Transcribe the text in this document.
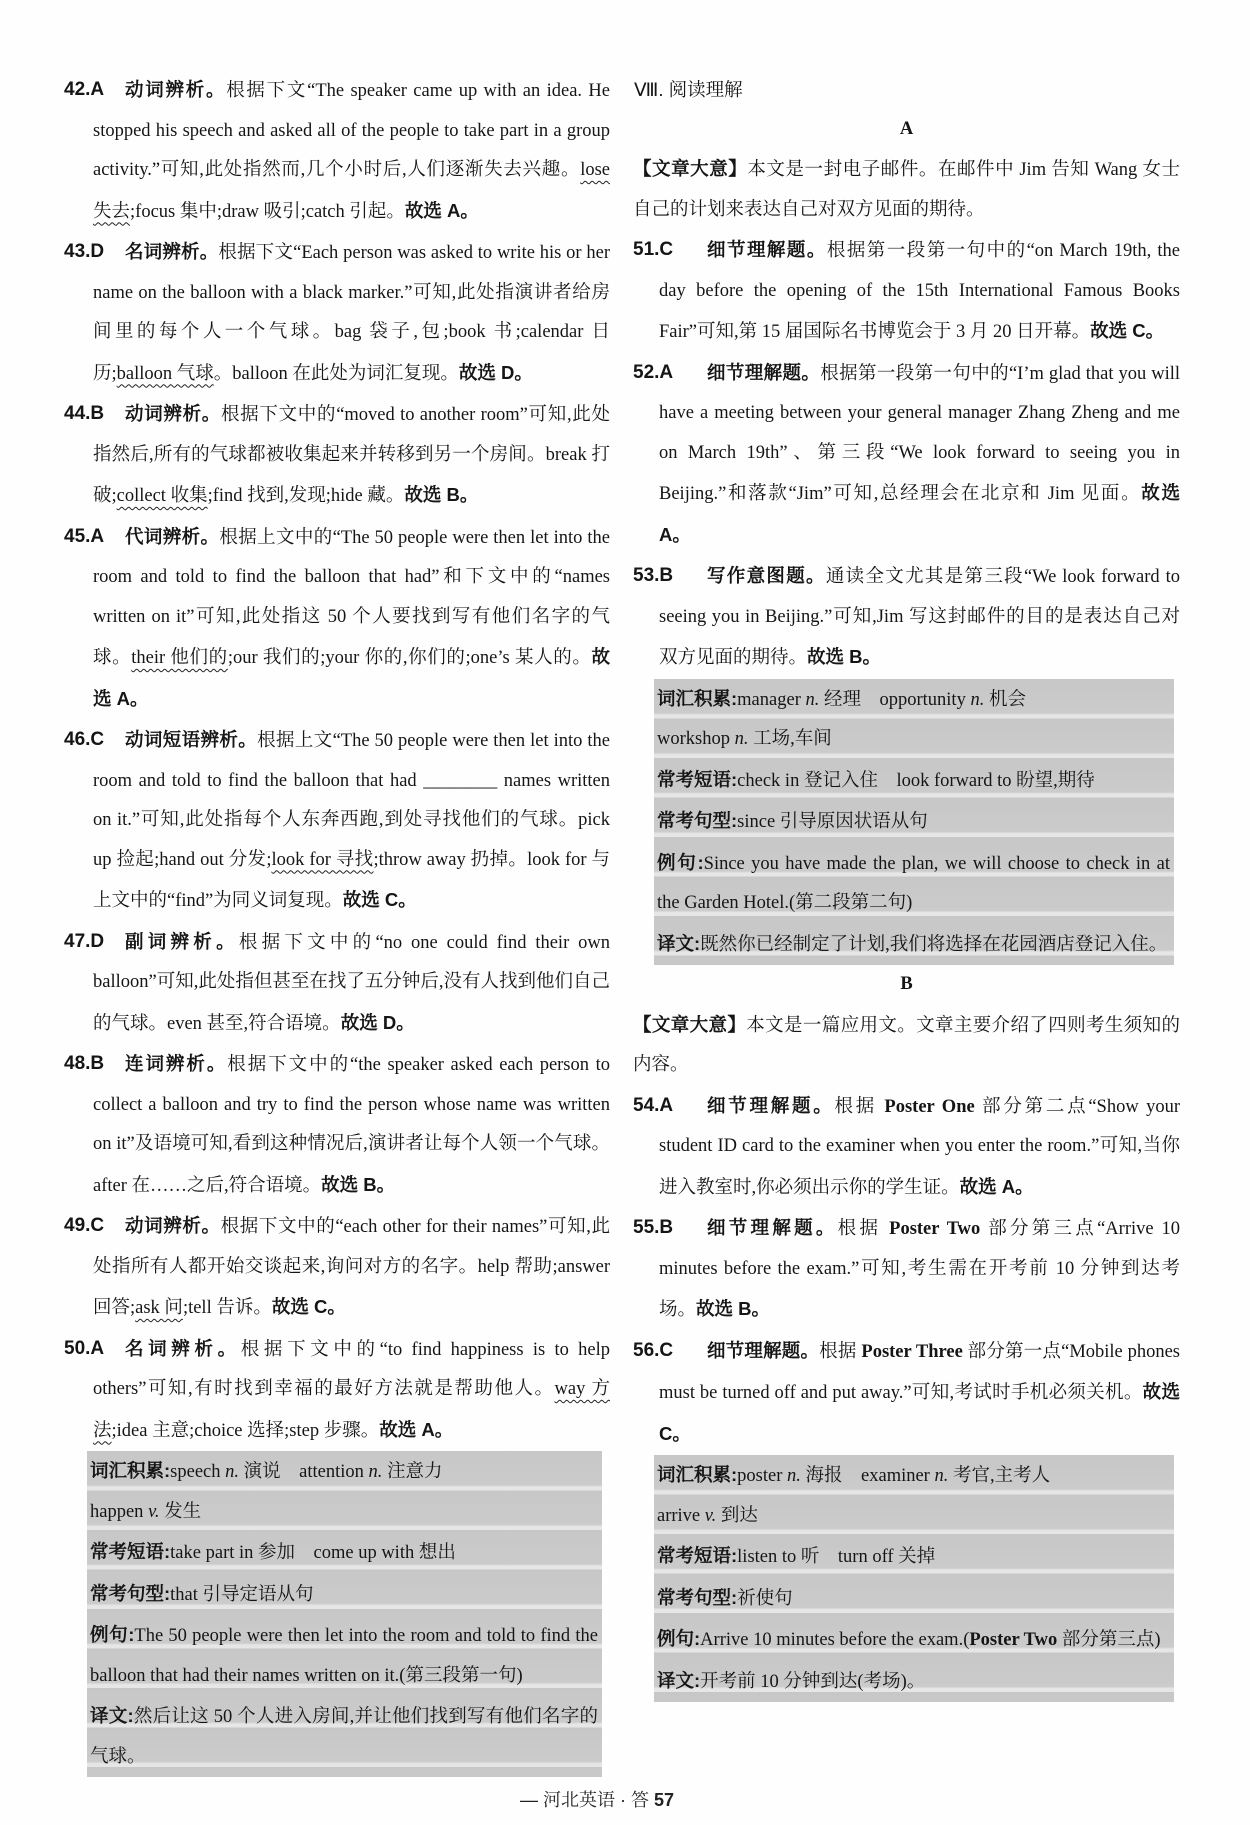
42.A	动词辨析。根据下文“The speaker came up with an idea. He stopped his speech and asked all of the people to take part in a group activity.”可知,此处指然而,几个小时后,人们逐渐失去兴趣。lose 失去;focus 集中;draw 吸引;catch 引起。故选 A。
43.D	名词辨析。根据下文“Each person was asked to write his or her name on the balloon with a black marker.”可知,此处指演讲者给房间里的每个人一个气球。bag 袋子,包;book 书;calendar 日历;balloon 气球。balloon 在此处为词汇复现。故选 D。
44.B	动词辨析。根据下文中的“moved to another room”可知,此处指然后,所有的气球都被收集起来并转移到另一个房间。break 打破;collect 收集;find 找到,发现;hide 藏。故选 B。
45.A	代词辨析。根据上文中的“The 50 people were then let into the room and told to find the balloon that had”和下文中的“names written on it”可知,此处指这 50 个人要找到写有他们名字的气球。their 他们的;our 我们的;your 你的,你们的;one’s 某人的。故选 A。
46.C	动词短语辨析。根据上文“The 50 people were then let into the room and told to find the balloon that had ________ names written on it.”可知,此处指每个人东奔西跑,到处寻找他们的气球。pick up 捡起;hand out 分发;look for 寻找;throw away 扔掉。look for 与上文中的“find”为同义词复现。故选 C。
47.D	副词辨析。根据下文中的“no one could find their own balloon”可知,此处指但甚至在找了五分钟后,没有人找到他们自己的气球。even 甚至,符合语境。故选 D。
48.B	连词辨析。根据下文中的“the speaker asked each person to collect a balloon and try to find the person whose name was written on it”及语境可知,看到这种情况后,演讲者让每个人领一个气球。after 在……之后,符合语境。故选 B。
49.C	动词辨析。根据下文中的“each other for their names”可知,此处指所有人都开始交谈起来,询问对方的名字。help 帮助;answer 回答;ask 问;tell 告诉。故选 C。
50.A	名词辨析。根据下文中的“to find happiness is to help others”可知,有时找到幸福的最好方法就是帮助他人。way 方法;idea 主意;choice 选择;step 步骤。故选 A。
词汇积累:speech n. 演说　attention n. 注意力
happen v. 发生
常考短语:take part in 参加　come up with 想出
常考句型:that 引导定语从句
例句:The 50 people were then let into the room and told to find the balloon that had their names written on it.(第三段第一句)
译文:然后让这 50 个人进入房间,并让他们找到写有他们名字的气球。
Ⅷ. 阅读理解
A
【文章大意】本文是一封电子邮件。在邮件中 Jim 告知 Wang 女士自己的计划来表达自己对双方见面的期待。
51.C	细节理解题。根据第一段第一句中的“on March 19th, the day before the opening of the 15th International Famous Books Fair”可知,第 15 届国际名书博览会于 3 月 20 日开幕。故选 C。
52.A	细节理解题。根据第一段第一句中的“I’m glad that you will have a meeting between your general manager Zhang Zheng and me on March 19th”、第三段“We look forward to seeing you in Beijing.”和落款“Jim”可知,总经理会在北京和 Jim 见面。故选 A。
53.B	写作意图题。通读全文尤其是第三段“We look forward to seeing you in Beijing.”可知,Jim 写这封邮件的目的是表达自己对双方见面的期待。故选 B。
词汇积累:manager n. 经理　opportunity n. 机会
workshop n. 工场,车间
常考短语:check in 登记入住　look forward to 盼望,期待
常考句型:since 引导原因状语从句
例句:Since you have made the plan, we will choose to check in at the Garden Hotel.(第二段第二句)
译文:既然你已经制定了计划,我们将选择在花园酒店登记入住。
B
【文章大意】本文是一篇应用文。文章主要介绍了四则考生须知的内容。
54.A	细节理解题。根据 Poster One 部分第二点“Show your student ID card to the examiner when you enter the room.”可知,当你进入教室时,你必须出示你的学生证。故选 A。
55.B	细节理解题。根据 Poster Two 部分第三点“Arrive 10 minutes before the exam.”可知,考生需在开考前 10 分钟到达考场。故选 B。
56.C	细节理解题。根据 Poster Three 部分第一点“Mobile phones must be turned off and put away.”可知,考试时手机必须关机。故选 C。
词汇积累:poster n. 海报　examiner n. 考官,主考人
arrive v. 到达
常考短语:listen to 听　turn off 关掉
常考句型:祈使句
例句:Arrive 10 minutes before the exam.(Poster Two 部分第三点)
译文:开考前 10 分钟到达(考场)。
— 河北英语 · 答 57
